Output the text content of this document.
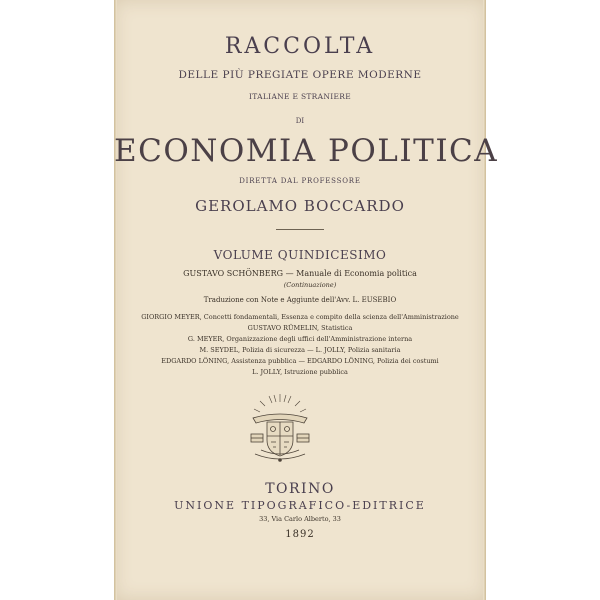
RACCOLTA

DELLE PIÙ PREGIATE OPERE MODERNE

ITALIANE E STRANIERE

DI

ECONOMIA POLITICA

DIRETTA DAL PROFESSORE

GEROLAMO BOCCARDO

VOLUME QUINDICESIMO

GUSTAVO SCHÖNBERG — Manuale di Economia politica

(Continuazione)

Traduzione con Note e Aggiunte dell'Avv. L. EUSEBIO

GIORGIO MEYER, Concetti fondamentali, Essenza e compito della scienza dell'Amministrazione

GUSTAVO RÜMELIN, Statistica

G. MEYER, Organizzazione degli uffici dell'Amministrazione interna

M. SEYDEL, Polizia di sicurezza — L. JOLLY, Polizia sanitaria

EDGARDO LÖNING, Assistenza pubblica — EDGARDO LÖNING, Polizia dei costumi

L. JOLLY, Istruzione pubblica

TORINO

UNIONE TIPOGRAFICO-EDITRICE

33, Via Carlo Alberto, 33

1892
